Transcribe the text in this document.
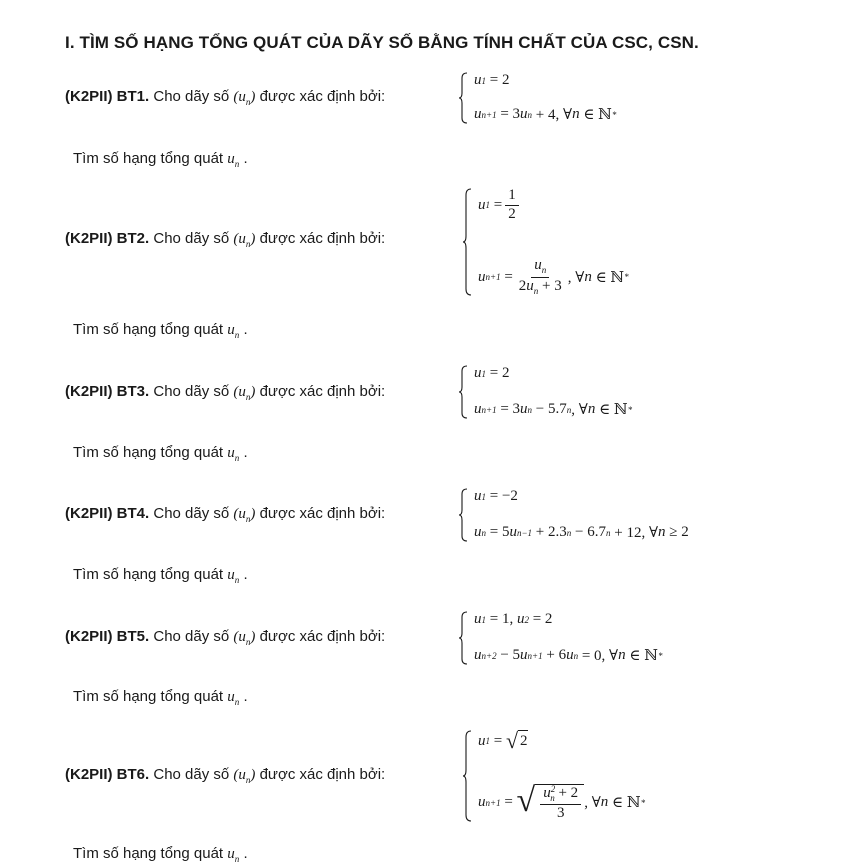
I. TÌM SỐ HẠNG TỔNG QUÁT CỦA DÃY SỐ BẰNG TÍNH CHẤT CỦA CSC, CSN.
(K2PII) BT1. Cho dãy số $(u_n)$ được xác định bởi:
u 1
= 2
u n+1
= 3 u n + 4, ∀ n ∈ ℕ *
Tìm số hạng tổng quát $u_n$ .
(K2PII) BT2. Cho dãy số $(u_n)$ được xác định bởi:
u 1
= $\frac{1}{2}$
u n+1
= $\frac{u_n}{2u_n + 3}$ , ∀ n ∈ ℕ *
Tìm số hạng tổng quát $u_n$ .
(K2PII) BT3. Cho dãy số $(u_n)$ được xác định bởi:
u 1
= 2
u n+1
= 3 u n − 5.7 n , ∀ n ∈ ℕ *
Tìm số hạng tổng quát $u_n$ .
(K2PII) BT4. Cho dãy số $(u_n)$ được xác định bởi:
u 1
= −2
u n
= 5 u n−1 + 2.3 n − 6.7 n + 12, ∀ n ≥ 2
Tìm số hạng tổng quát $u_n$ .
(K2PII) BT5. Cho dãy số $(u_n)$ được xác định bởi:
u 1
= 1, u 2
= 2
u n+2
− 5 u n+1 + 6 u n = 0, ∀ n ∈ ℕ *
Tìm số hạng tổng quát $u_n$ .
(K2PII) BT6. Cho dãy số $(u_n)$ được xác định bởi:
u 1
=
√ 2
u n+1
=
√ $\frac{u^2_n + 2}{3}$ , ∀ n ∈ ℕ *
Tìm số hạng tổng quát $u_n$ .
